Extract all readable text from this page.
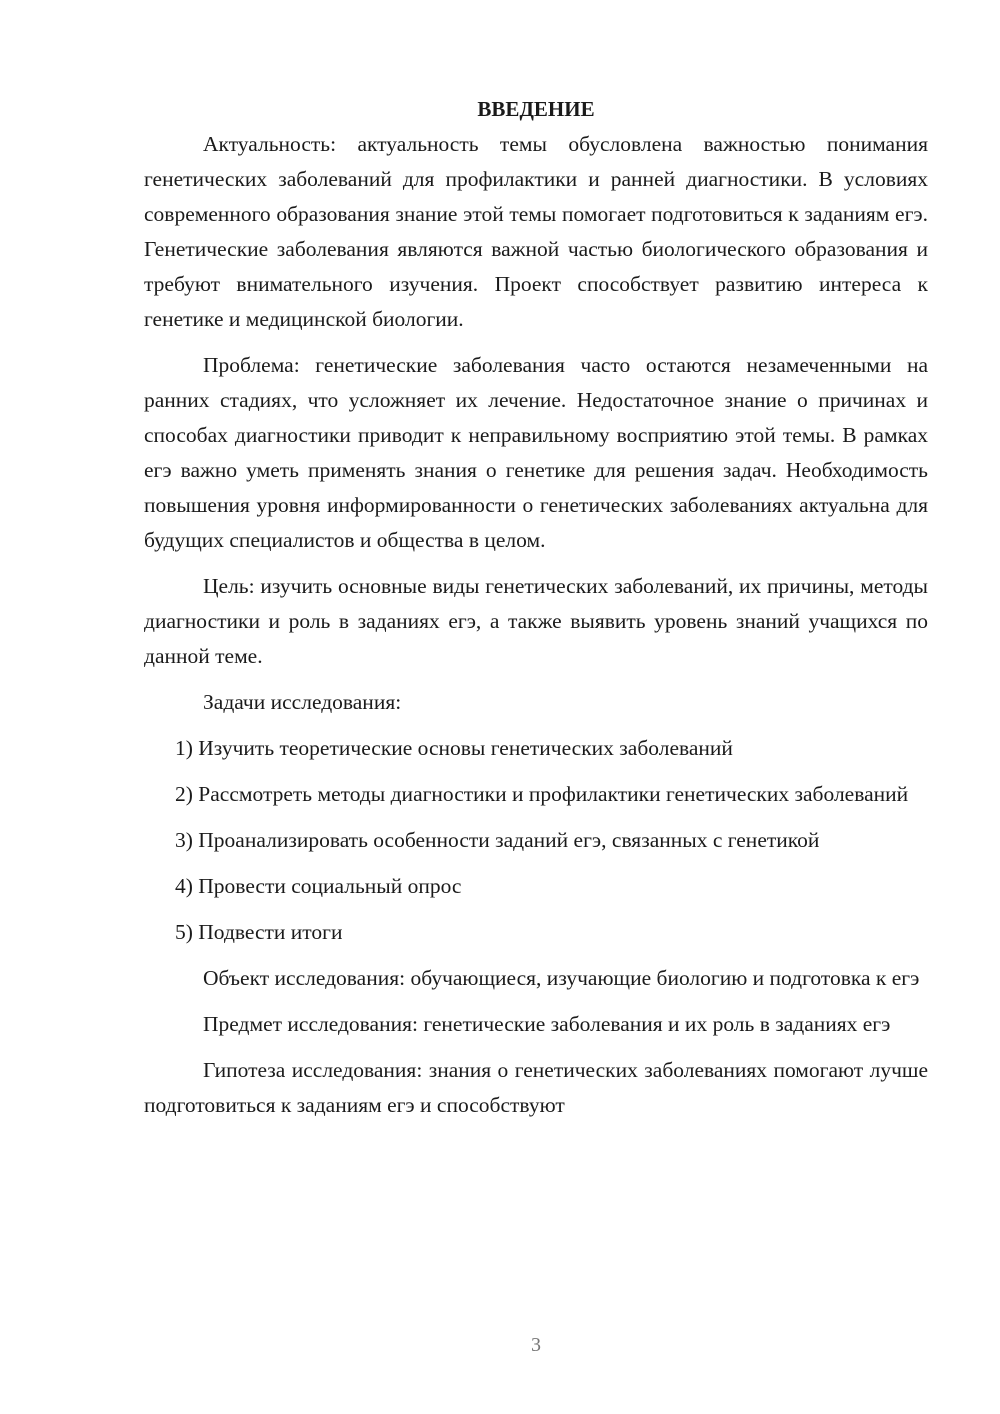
ВВЕДЕНИЕ

Актуальность: актуальность темы обусловлена важностью понимания генетических заболеваний для профилактики и ранней диагностики. В условиях современного образования знание этой темы помогает подготовиться к заданиям егэ. Генетические заболевания являются важной частью биологического образования и требуют внимательного изучения. Проект способствует развитию интереса к генетике и медицинской биологии.

Проблема: генетические заболевания часто остаются незамеченными на ранних стадиях, что усложняет их лечение. Недостаточное знание о причинах и способах диагностики приводит к неправильному восприятию этой темы. В рамках егэ важно уметь применять знания о генетике для решения задач. Необходимость повышения уровня информированности о генетических заболеваниях актуальна для будущих специалистов и общества в целом.

Цель: изучить основные виды генетических заболеваний, их причины, методы диагностики и роль в заданиях егэ, а также выявить уровень знаний учащихся по данной теме.

Задачи исследования:

1) Изучить теоретические основы генетических заболеваний

2) Рассмотреть методы диагностики и профилактики генетических заболеваний

3) Проанализировать особенности заданий егэ, связанных с генетикой

4) Провести социальный опрос

5) Подвести итоги

Объект исследования: обучающиеся, изучающие биологию и подготовка к егэ

Предмет исследования: генетические заболевания и их роль в заданиях егэ

Гипотеза исследования: знания о генетических заболеваниях помогают лучше подготовиться к заданиям егэ и способствуют

3
